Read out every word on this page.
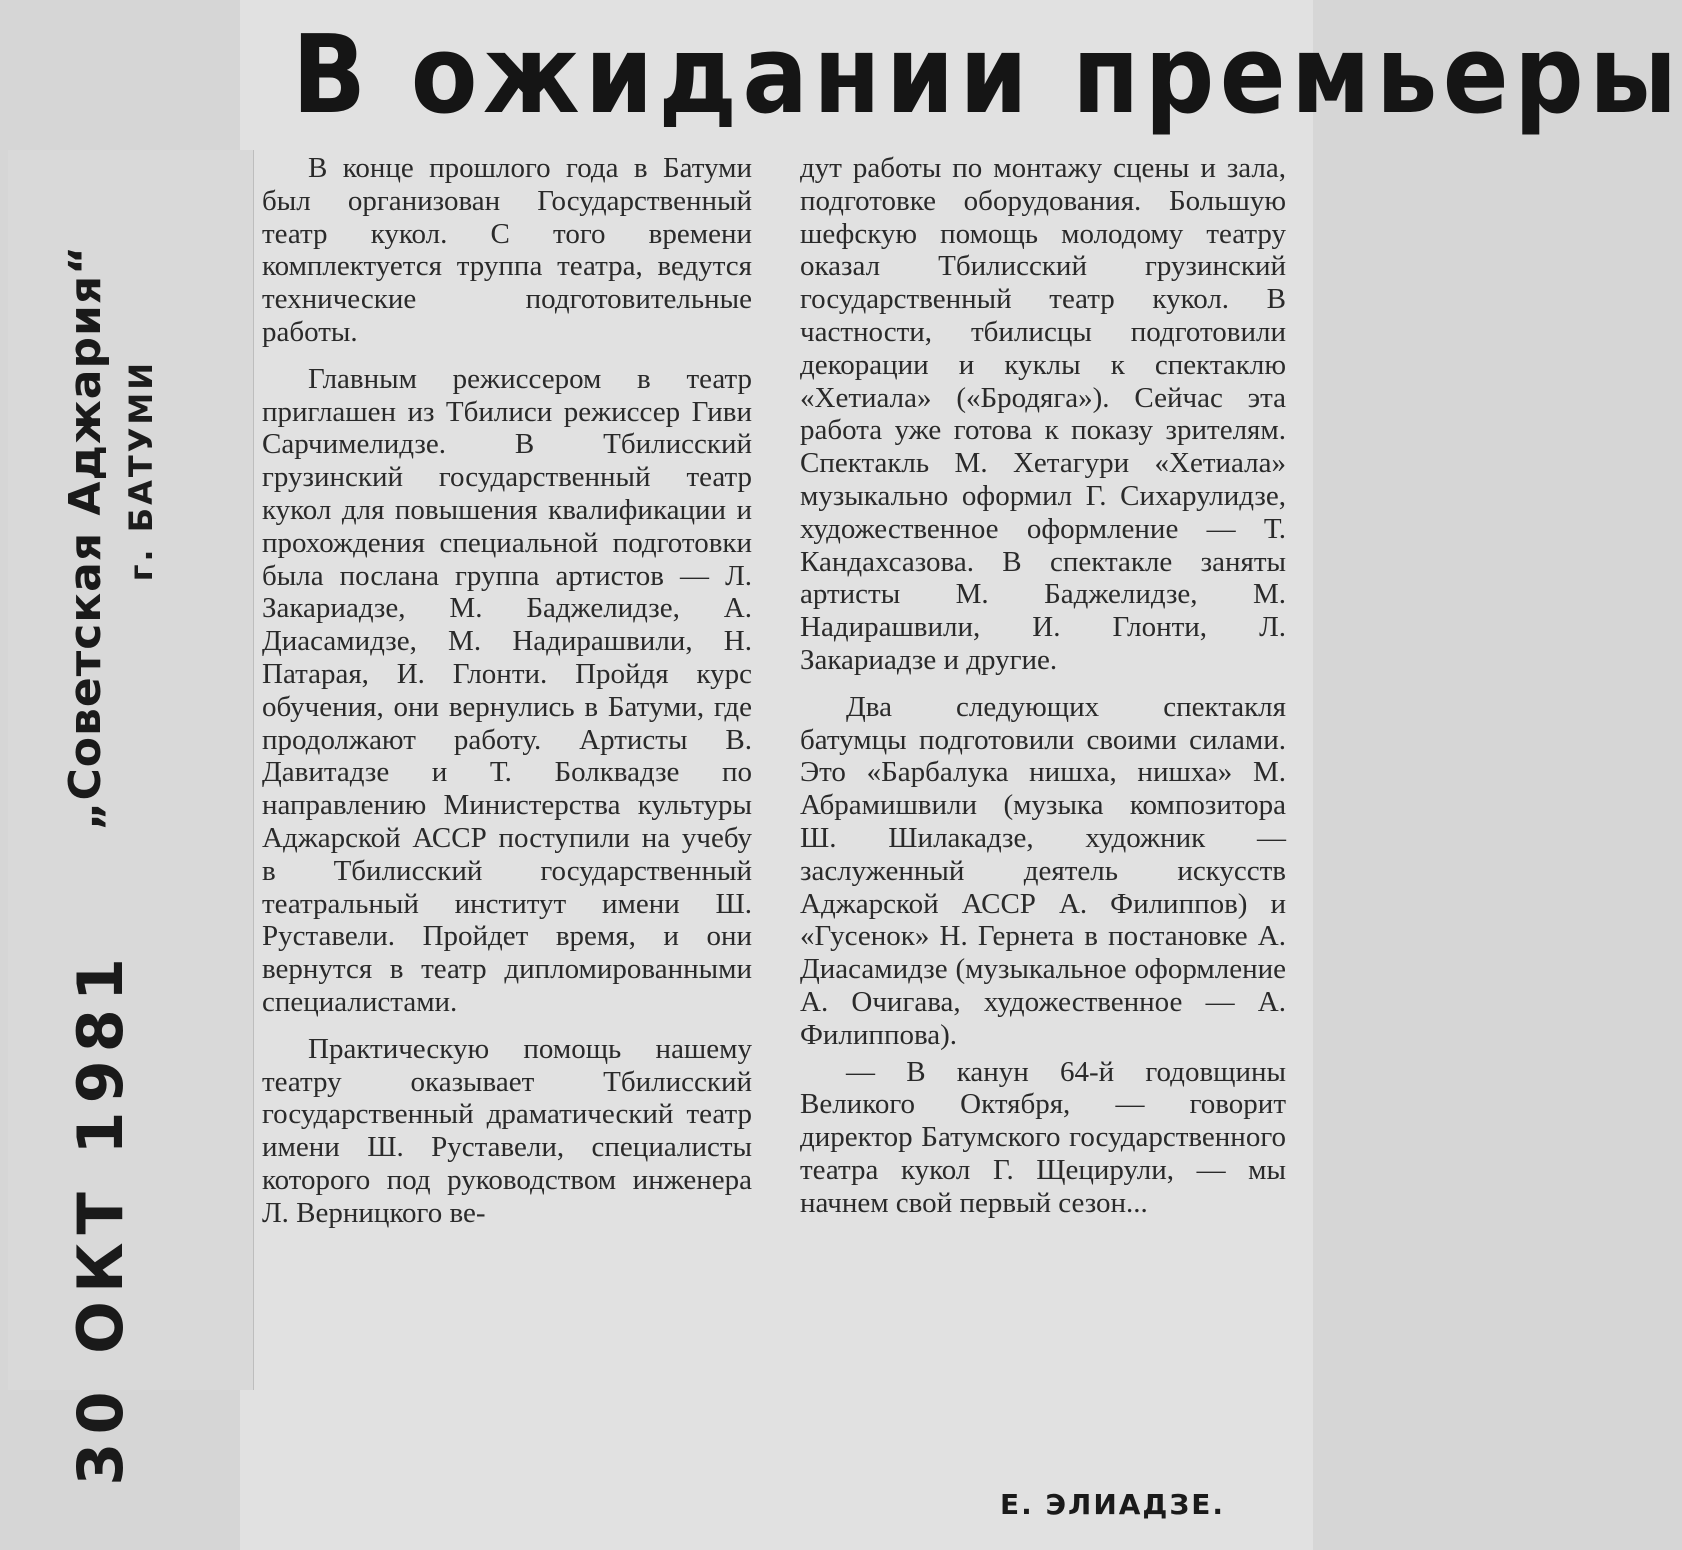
В ожидании премьеры
„Советская Аджария“ г. БАТУМИ
30 ОКТ 1981

В конце прошлого года в Батуми был организован Государственный театр кукол. С того времени комплектуется труппа театра, ведутся технические подготовительные работы.

Главным режиссером в театр приглашен из Тбилиси режиссер Гиви Сарчимелидзе. В Тбилисский грузинский государственный театр кукол для повышения квалификации и прохождения специальной подготовки была послана группа артистов — Л. Закариадзе, М. Баджелидзе, А. Диасамидзе, М. Надирашвили, Н. Патарая, И. Глонти. Пройдя курс обучения, они вернулись в Батуми, где продолжают работу. Артисты В. Давитадзе и Т. Болквадзе по направлению Министерства культуры Аджарской АССР поступили на учебу в Тбилисский государственный театральный институт имени Ш. Руставели. Пройдет время, и они вернутся в театр дипломированными специалистами.

Практическую помощь нашему театру оказывает Тбилисский государственный драматический театр имени Ш. Руставели, специалисты которого под руководством инженера Л. Верницкого ве-

дут работы по монтажу сцены и зала, подготовке оборудования. Большую шефскую помощь молодому театру оказал Тбилисский грузинский государственный театр кукол. В частности, тбилисцы подготовили декорации и куклы к спектаклю «Хетиала» («Бродяга»). Сейчас эта работа уже готова к показу зрителям. Спектакль М. Хетагури «Хетиала» музыкально оформил Г. Сихарулидзе, художественное оформление — Т. Кандахсазова. В спектакле заняты артисты М. Баджелидзе, М. Надирашвили, И. Глонти, Л. Закариадзе и другие.

Два следующих спектакля батумцы подготовили своими силами. Это «Барбалука нишха, нишха» М. Абрамишвили (музыка композитора Ш. Шилакадзе, художник — заслуженный деятель искусств Аджарской АССР А. Филиппов) и «Гусенок» Н. Гернета в постановке А. Диасамидзе (музыкальное оформление А. Очигава, художественное — А. Филиппова).

— В канун 64-й годовщины Великого Октября, — говорит директор Батумского государственного театра кукол Г. Щецирули, — мы начнем свой первый сезон...

Е. ЭЛИАДЗЕ.
